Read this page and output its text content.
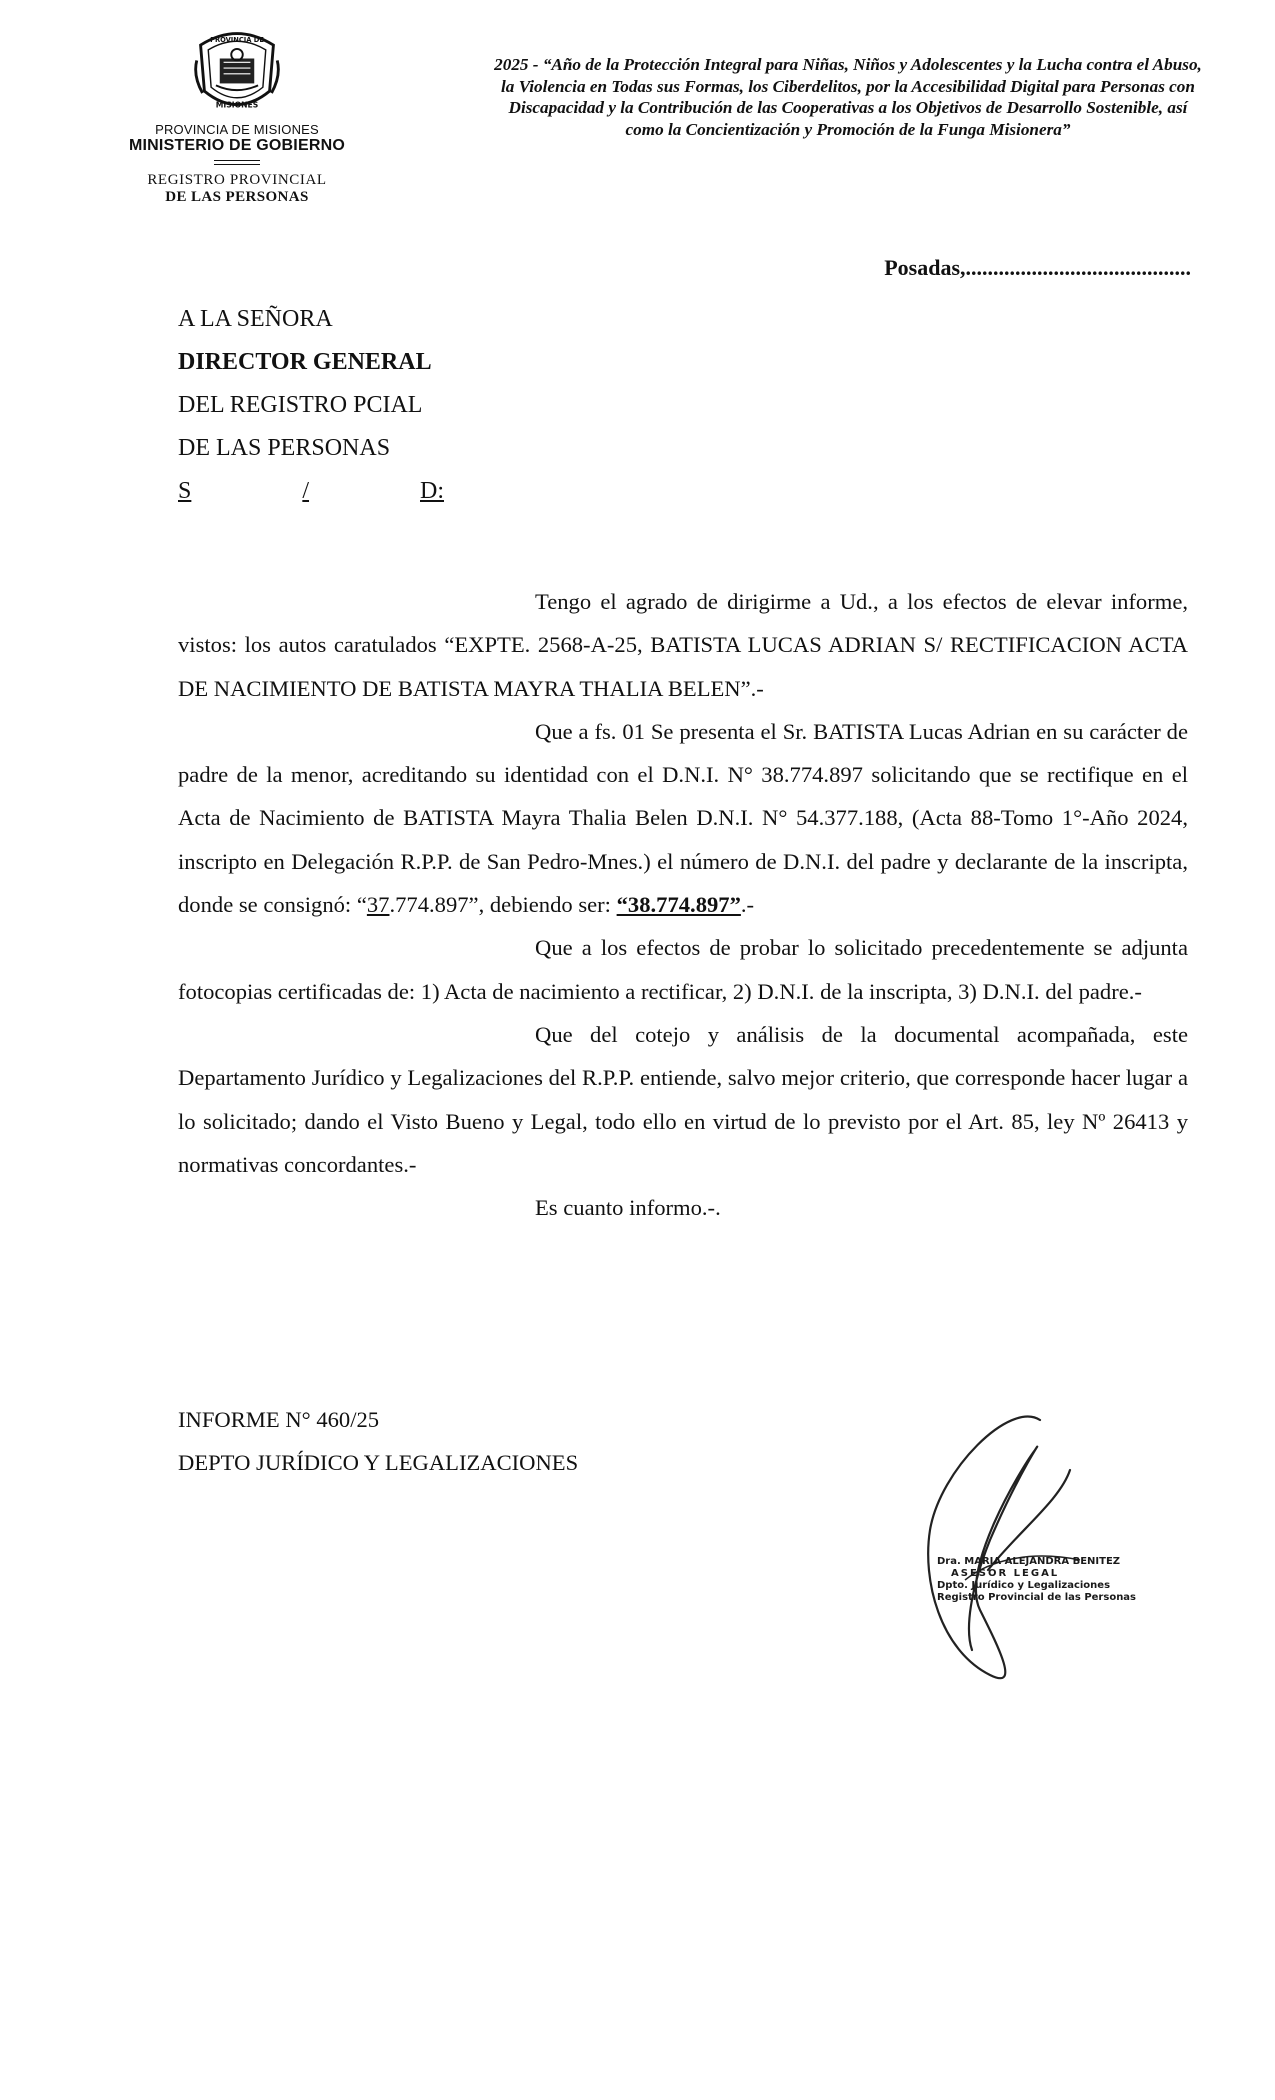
PROVINCIA DE
MISIONES
PROVINCIA DE MISIONES
MINISTERIO DE GOBIERNO
REGISTRO PROVINCIAL
DE LAS PERSONAS
2025 - “Año de la Protección Integral para Niñas, Niños y Adolescentes y la Lucha contra el Abuso, la Violencia en Todas sus Formas, los Ciberdelitos, por la Accesibilidad Digital para Personas con Discapacidad y la Contribución de las Cooperativas a los Objetivos de Desarrollo Sostenible, así como la Concientización y Promoción de la Funga Misionera”
Posadas,.........................................
A LA SEÑORA
DIRECTOR GENERAL
DEL REGISTRO PCIAL
DE LAS PERSONAS
S	/	D:

Tengo el agrado de dirigirme a Ud., a los efectos de elevar informe, vistos: los autos caratulados “EXPTE. 2568-A-25, BATISTA LUCAS ADRIAN S/ RECTIFICACION ACTA DE NACIMIENTO DE BATISTA MAYRA THALIA BELEN”.-

Que a fs. 01 Se presenta el Sr. BATISTA Lucas Adrian en su carácter de padre de la menor, acreditando su identidad con el D.N.I. N° 38.774.897 solicitando que se rectifique en el Acta de Nacimiento de BATISTA Mayra Thalia Belen D.N.I. N° 54.377.188, (Acta 88-Tomo 1°-Año 2024, inscripto en Delegación R.P.P. de San Pedro-Mnes.) el número de D.N.I. del padre y declarante de la inscripta, donde se consignó: “37.774.897”, debiendo ser: “38.774.897”.-

Que a los efectos de probar lo solicitado precedentemente se adjunta fotocopias certificadas de: 1) Acta de nacimiento a rectificar, 2) D.N.I. de la inscripta, 3) D.N.I. del padre.-

Que del cotejo y análisis de la documental acompañada, este Departamento Jurídico y Legalizaciones del R.P.P. entiende, salvo mejor criterio, que corresponde hacer lugar a lo solicitado; dando el Visto Bueno y Legal, todo ello en virtud de lo previsto por el Art. 85, ley Nº 26413 y normativas concordantes.-

Es cuanto informo.-.

INFORME N° 460/25
DEPTO JURÍDICO Y LEGALIZACIONES
Dra. MARIA ALEJANDRA BENITEZ
ASESOR LEGAL
Dpto. Jurídico y Legalizaciones
Registro Provincial de las Personas
